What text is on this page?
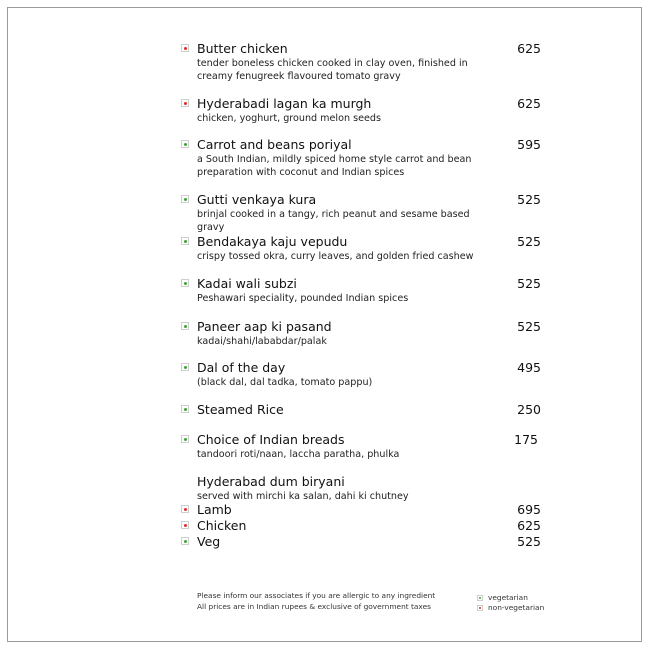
Butter chicken	625
tender boneless chicken cooked in clay oven, finished in creamy fenugreek flavoured tomato gravy
Hyderabadi lagan ka murgh	625
chicken, yoghurt, ground melon seeds
Carrot and beans poriyal	595
a South Indian, mildly spiced home style carrot and bean preparation with coconut and Indian spices
Gutti venkaya kura	525
brinjal cooked in a tangy, rich peanut and sesame based gravy
Bendakaya kaju vepudu	525
crispy tossed okra, curry leaves, and golden fried cashew
Kadai wali subzi	525
Peshawari speciality, pounded Indian spices
Paneer aap ki pasand	525
kadai/shahi/lababdar/palak
Dal of the day	495
(black dal, dal tadka, tomato pappu)
Steamed Rice	250
Choice of Indian breads	175
tandoori roti/naan, laccha paratha, phulka
Hyderabad dum biryani
served with mirchi ka salan, dahi ki chutney
Lamb	695
Chicken	625
Veg	525
Please inform our associates if you are allergic to any ingredient
All prices are in Indian rupees & exclusive of government taxes
vegetarian
non-vegetarian
